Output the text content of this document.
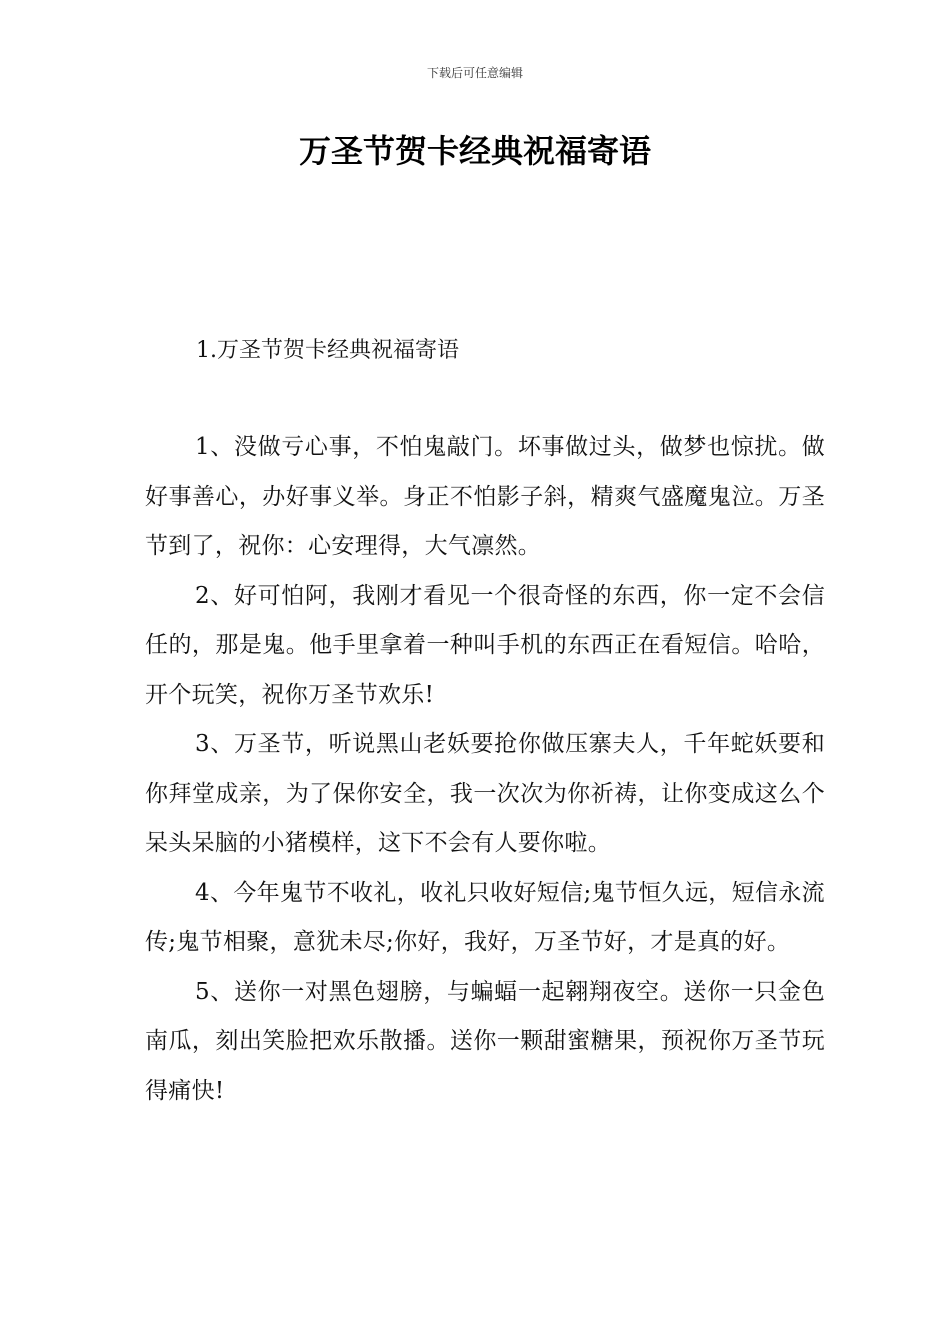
下载后可任意编辑
万圣节贺卡经典祝福寄语
1.万圣节贺卡经典祝福寄语

1、没做亏心事，不怕鬼敲门。坏事做过头，做梦也惊扰。做好事善心，办好事义举。身正不怕影子斜，精爽气盛魔鬼泣。万圣节到了，祝你：心安理得，大气凛然。

2、好可怕阿，我刚才看见一个很奇怪的东西，你一定不会信任的，那是鬼。他手里拿着一种叫手机的东西正在看短信。哈哈，开个玩笑，祝你万圣节欢乐!

3、万圣节，听说黑山老妖要抢你做压寨夫人，千年蛇妖要和你拜堂成亲，为了保你安全，我一次次为你祈祷，让你变成这么个呆头呆脑的小猪模样，这下不会有人要你啦。

4、今年鬼节不收礼，收礼只收好短信;鬼节恒久远，短信永流传;鬼节相聚，意犹未尽;你好，我好，万圣节好，才是真的好。

5、送你一对黑色翅膀，与蝙蝠一起翱翔夜空。送你一只金色南瓜，刻出笑脸把欢乐散播。送你一颗甜蜜糖果，预祝你万圣节玩得痛快!
